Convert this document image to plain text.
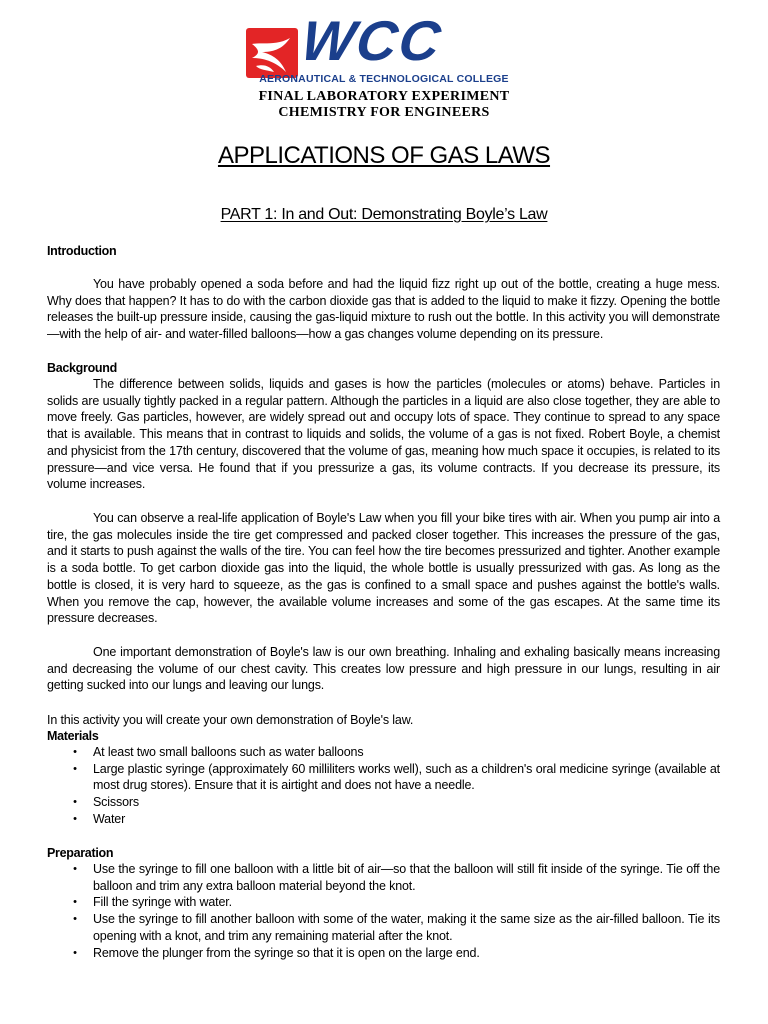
WCC
AERONAUTICAL & TECHNOLOGICAL COLLEGE
FINAL LABORATORY EXPERIMENT
CHEMISTRY FOR ENGINEERS
APPLICATIONS OF GAS LAWS
PART 1: In and Out: Demonstrating Boyle’s Law
Introduction

You have probably opened a soda before and had the liquid fizz right up out of the bottle, creating a huge mess. Why does that happen? It has to do with the carbon dioxide gas that is added to the liquid to make it fizzy. Opening the bottle releases the built-up pressure inside, causing the gas-liquid mixture to rush out the bottle. In this activity you will demonstrate—with the help of air- and water-filled balloons—how a gas changes volume depending on its pressure.

Background

The difference between solids, liquids and gases is how the particles (molecules or atoms) behave. Particles in solids are usually tightly packed in a regular pattern. Although the particles in a liquid are also close together, they are able to move freely. Gas particles, however, are widely spread out and occupy lots of space. They continue to spread to any space that is available. This means that in contrast to liquids and solids, the volume of a gas is not fixed. Robert Boyle, a chemist and physicist from the 17th century, discovered that the volume of gas, meaning how much space it occupies, is related to its pressure—and vice versa. He found that if you pressurize a gas, its volume contracts. If you decrease its pressure, its volume increases.

You can observe a real-life application of Boyle's Law when you fill your bike tires with air. When you pump air into a tire, the gas molecules inside the tire get compressed and packed closer together. This increases the pressure of the gas, and it starts to push against the walls of the tire. You can feel how the tire becomes pressurized and tighter. Another example is a soda bottle. To get carbon dioxide gas into the liquid, the whole bottle is usually pressurized with gas. As long as the bottle is closed, it is very hard to squeeze, as the gas is confined to a small space and pushes against the bottle's walls. When you remove the cap, however, the available volume increases and some of the gas escapes. At the same time its pressure decreases.

One important demonstration of Boyle's law is our own breathing. Inhaling and exhaling basically means increasing and decreasing the volume of our chest cavity. This creates low pressure and high pressure in our lungs, resulting in air getting sucked into our lungs and leaving our lungs.

In this activity you will create your own demonstration of Boyle's law.

Materials
• At least two small balloons such as water balloons
• Large plastic syringe (approximately 60 milliliters works well), such as a children's oral medicine syringe (available at most drug stores). Ensure that it is airtight and does not have a needle.
• Scissors
• Water
Preparation
• Use the syringe to fill one balloon with a little bit of air—so that the balloon will still fit inside of the syringe. Tie off the balloon and trim any extra balloon material beyond the knot.
• Fill the syringe with water.
• Use the syringe to fill another balloon with some of the water, making it the same size as the air-filled balloon. Tie its opening with a knot, and trim any remaining material after the knot.
• Remove the plunger from the syringe so that it is open on the large end.
